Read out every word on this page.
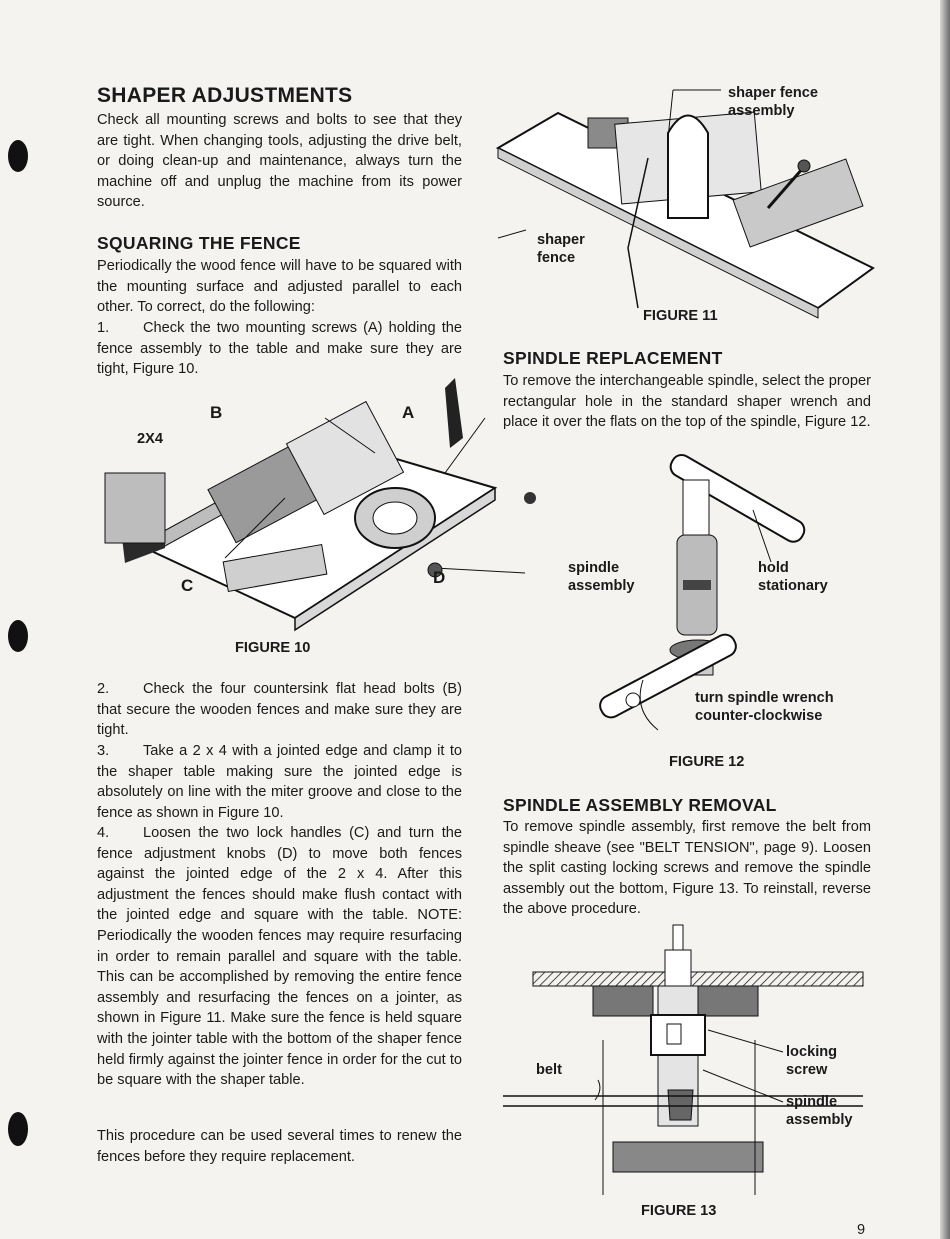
SHAPER ADJUSTMENTS

Check all mounting screws and bolts to see that they are tight. When changing tools, adjusting the drive belt, or doing clean-up and maintenance, always turn the machine off and unplug the machine from its power source.

SQUARING THE FENCE

Periodically the wood fence will have to be squared with the mounting surface and adjusted parallel to each other. To correct, do the following:

1. Check the two mounting screws (A) holding the fence assembly to the table and make sure they are tight, Figure 10.

2X4
B	A
C	D
FIGURE 10

2. Check the four countersink flat head bolts (B) that secure the wooden fences and make sure they are tight.

3. Take a 2 x 4 with a jointed edge and clamp it to the shaper table making sure the jointed edge is absolutely on line with the miter groove and close to the fence as shown in Figure 10.

4. Loosen the two lock handles (C) and turn the fence adjustment knobs (D) to move both fences against the jointed edge of the 2 x 4. After this adjustment the fences should make flush contact with the jointed edge and square with the table. NOTE: Periodically the wooden fences may require resurfacing in order to remain parallel and square with the table. This can be accomplished by removing the entire fence assembly and resurfacing the fences on a jointer, as shown in Figure 11. Make sure the fence is held square with the jointer table with the bottom of the shaper fence held firmly against the jointer fence in order for the cut to be square with the shaper table.

This procedure can be used several times to renew the fences before they require replacement.

shaper fence assembly
shaper fence
FIGURE 11
SPINDLE REPLACEMENT

To remove the interchangeable spindle, select the proper rectangular hole in the standard shaper wrench and place it over the flats on the top of the spindle, Figure 12.

spindle assembly
hold stationary
turn spindle wrench counter-clockwise
FIGURE 12
SPINDLE ASSEMBLY REMOVAL

To remove spindle assembly, first remove the belt from spindle sheave (see "BELT TENSION", page 9). Loosen the split casting locking screws and remove the spindle assembly out the bottom, Figure 13. To reinstall, reverse the above procedure.

locking screw
belt
spindle assembly
FIGURE 13
9
